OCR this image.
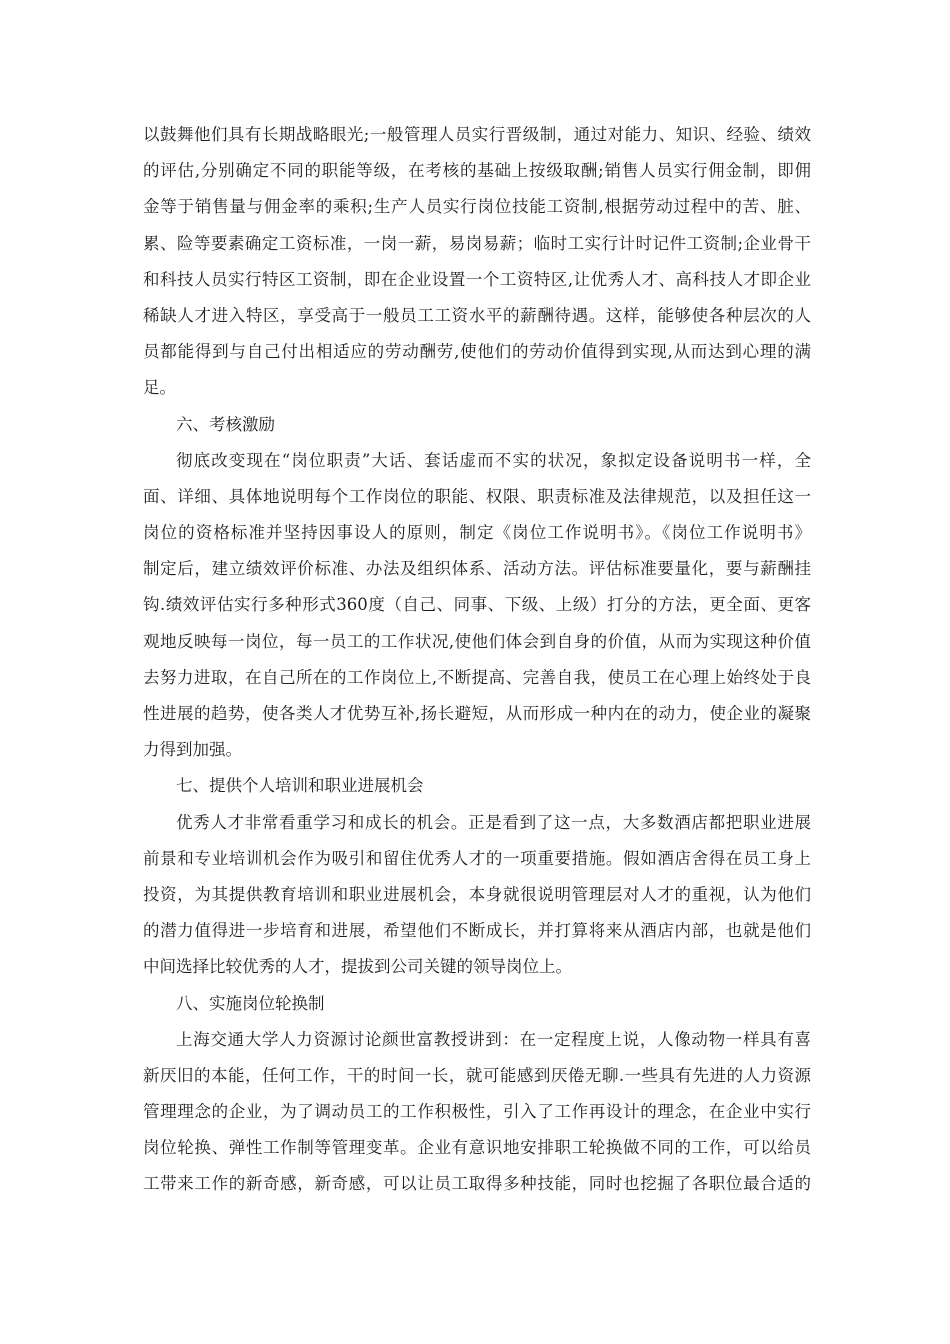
以鼓舞他们具有长期战略眼光;一般管理人员实行晋级制，通过对能力、知识、经验、绩效
的评估,分别确定不同的职能等级，在考核的基础上按级取酬;销售人员实行佣金制，即佣
金等于销售量与佣金率的乘积;生产人员实行岗位技能工资制,根据劳动过程中的苦、脏、
累、险等要素确定工资标准，一岗一薪，易岗易薪；临时工实行计时记件工资制;企业骨干
和科技人员实行特区工资制，即在企业设置一个工资特区,让优秀人才、高科技人才即企业
稀缺人才进入特区，享受高于一般员工工资水平的薪酬待遇。这样，能够使各种层次的人
员都能得到与自己付出相适应的劳动酬劳,使他们的劳动价值得到实现,从而达到心理的满
足。
六、考核激励
彻底改变现在“岗位职责”大话、套话虚而不实的状况，象拟定设备说明书一样，全
面、详细、具体地说明每个工作岗位的职能、权限、职责标准及法律规范，以及担任这一
岗位的资格标准并坚持因事设人的原则，制定《岗位工作说明书》。《岗位工作说明书》
制定后，建立绩效评价标准、办法及组织体系、活动方法。评估标准要量化，要与薪酬挂
钩.绩效评估实行多种形式360度（自己、同事、下级、上级）打分的方法，更全面、更客
观地反映每一岗位，每一员工的工作状况,使他们体会到自身的价值，从而为实现这种价值
去努力进取，在自己所在的工作岗位上,不断提高、完善自我，使员工在心理上始终处于良
性进展的趋势，使各类人才优势互补,扬长避短，从而形成一种内在的动力，使企业的凝聚
力得到加强。
七、提供个人培训和职业进展机会
优秀人才非常看重学习和成长的机会。正是看到了这一点，大多数酒店都把职业进展
前景和专业培训机会作为吸引和留住优秀人才的一项重要措施。假如酒店舍得在员工身上
投资，为其提供教育培训和职业进展机会，本身就很说明管理层对人才的重视，认为他们
的潜力值得进一步培育和进展，希望他们不断成长，并打算将来从酒店内部，也就是他们
中间选择比较优秀的人才，提拔到公司关键的领导岗位上。
八、实施岗位轮换制
上海交通大学人力资源讨论颜世富教授讲到：在一定程度上说，人像动物一样具有喜
新厌旧的本能，任何工作，干的时间一长，就可能感到厌倦无聊.一些具有先进的人力资源
管理理念的企业，为了调动员工的工作积极性，引入了工作再设计的理念，在企业中实行
岗位轮换、弹性工作制等管理变革。企业有意识地安排职工轮换做不同的工作，可以给员
工带来工作的新奇感，新奇感，可以让员工取得多种技能，同时也挖掘了各职位最合适的
